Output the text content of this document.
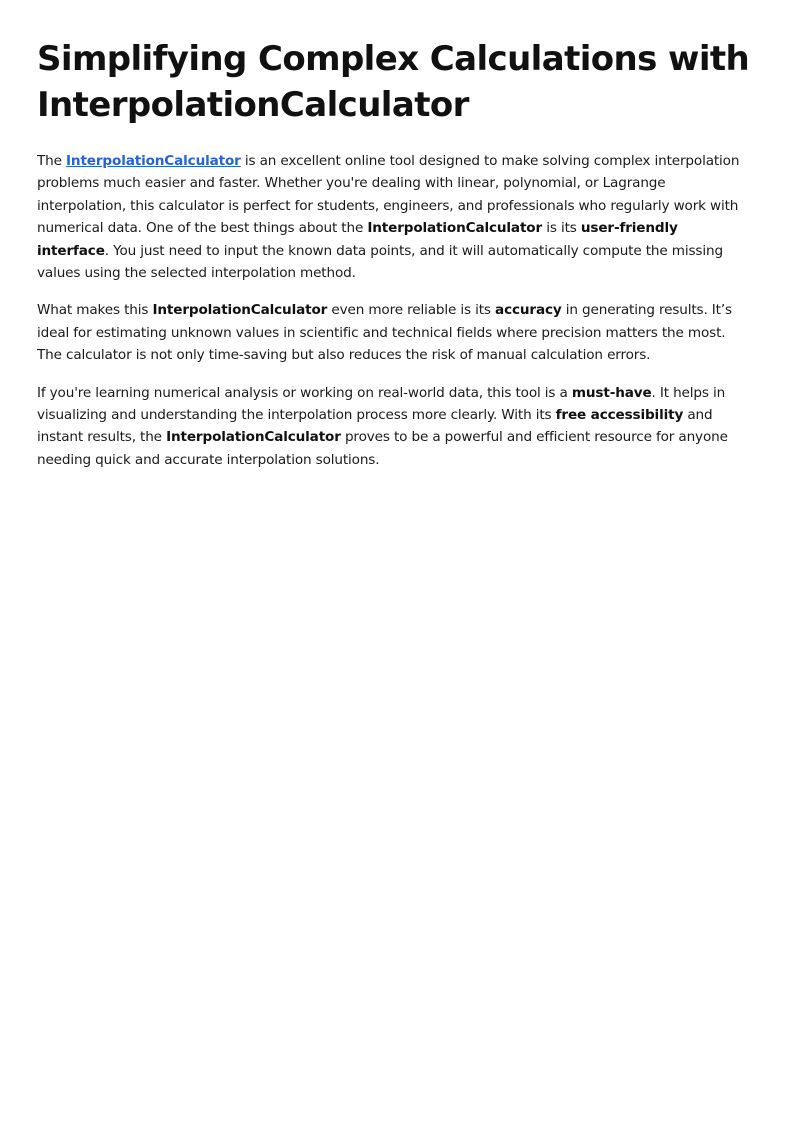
Simplifying Complex Calculations with InterpolationCalculator

The InterpolationCalculator is an excellent online tool designed to make solving complex interpolation problems much easier and faster. Whether you're dealing with linear, polynomial, or Lagrange interpolation, this calculator is perfect for students, engineers, and professionals who regularly work with numerical data. One of the best things about the InterpolationCalculator is its user-friendly interface. You just need to input the known data points, and it will automatically compute the missing values using the selected interpolation method.

What makes this InterpolationCalculator even more reliable is its accuracy in generating results. It’s ideal for estimating unknown values in scientific and technical fields where precision matters the most. The calculator is not only time-saving but also reduces the risk of manual calculation errors.

If you're learning numerical analysis or working on real-world data, this tool is a must-have. It helps in visualizing and understanding the interpolation process more clearly. With its free accessibility and instant results, the InterpolationCalculator proves to be a powerful and efficient resource for anyone needing quick and accurate interpolation solutions.
